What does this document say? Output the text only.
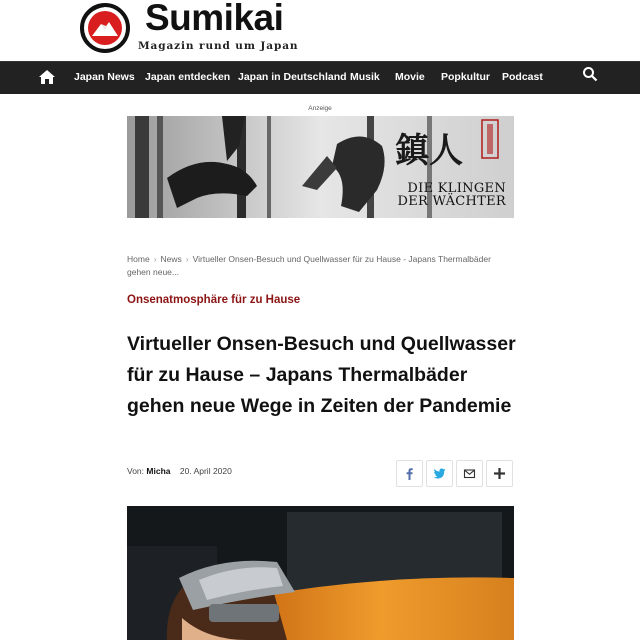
Sumikai
Magazin rund um Japan
Japan News Japan entdecken Japan in Deutschland Musik Movie Popkultur Podcast
Anzeige
鎮人
DIE KLINGEN
DER WÄCHTER
Home › News › Virtueller Onsen-Besuch und Quellwasser für zu Hause - Japans Thermalbäder gehen neue...
Onsenatmosphäre für zu Hause
Virtueller Onsen-Besuch und Quellwasser für zu Hause – Japans Thermalbäder gehen neue Wege in Zeiten der Pandemie
Von: Micha 20. April 2020
